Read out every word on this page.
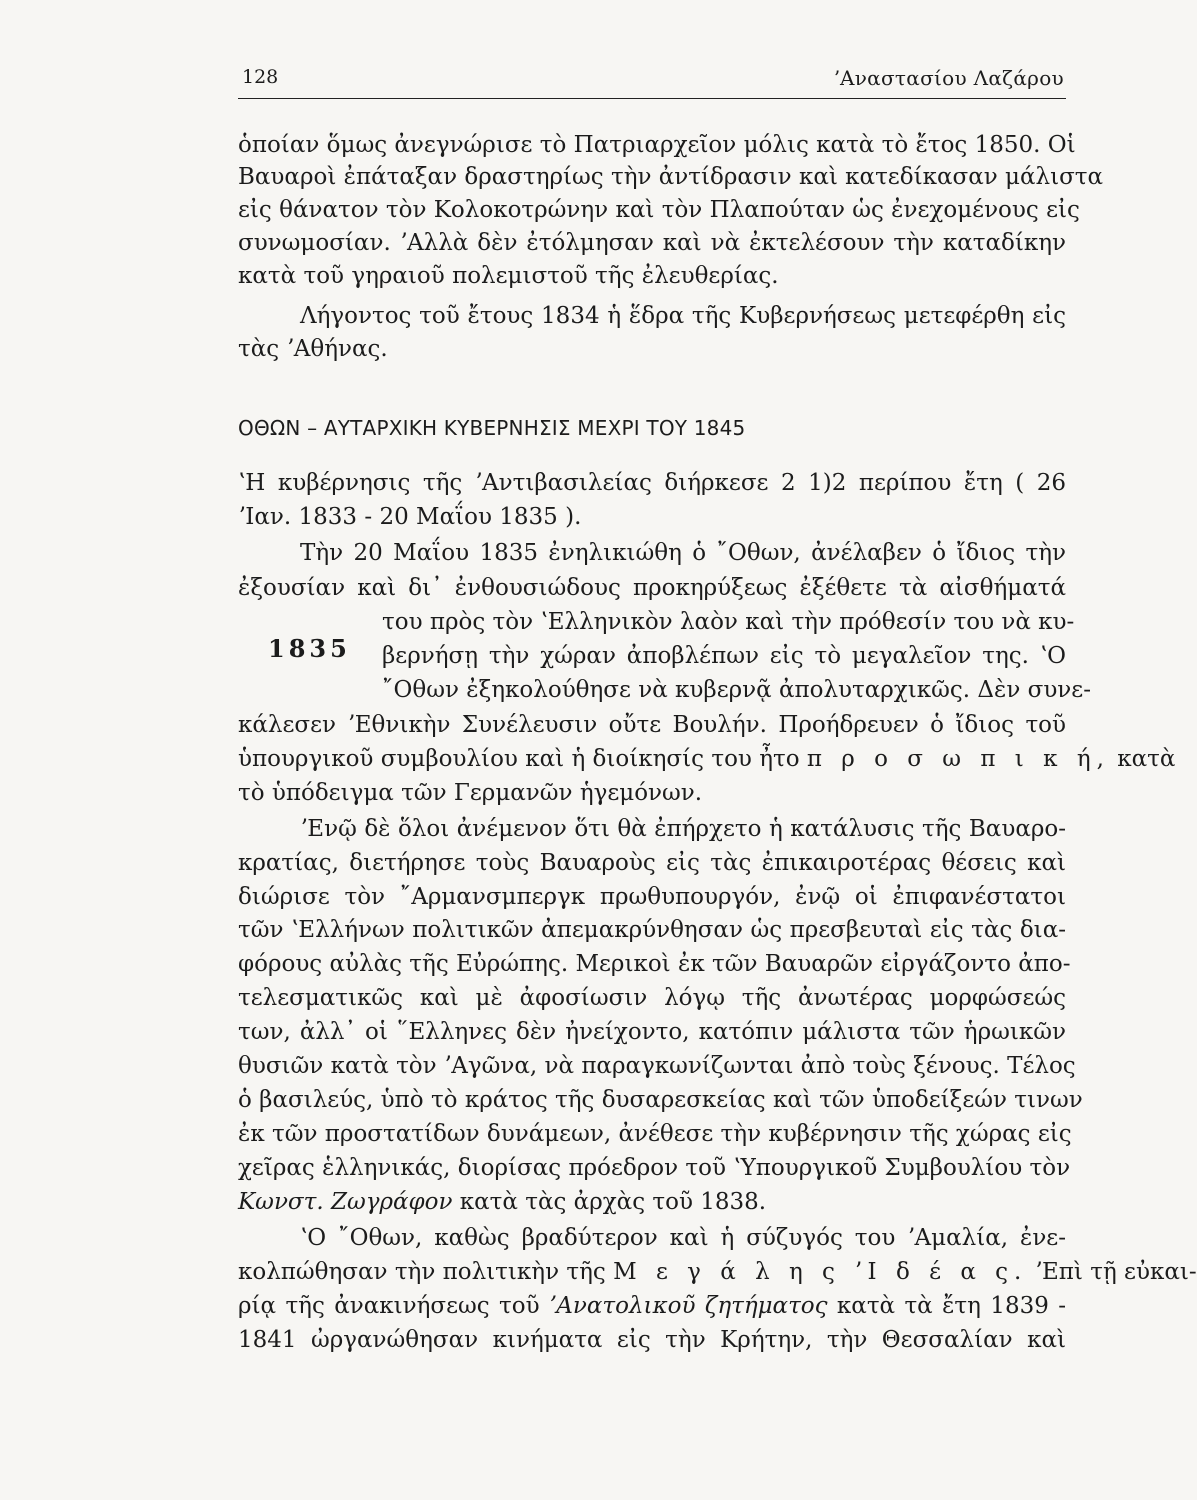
128	ʼΑναστασίου Λαζάρου
ὁποίαν ὅμως ἀνεγνώρισε τὸ Πατριαρχεῖον μόλις κατὰ τὸ ἔτος 1850. Οἱ
Βαυαροὶ ἐπάταξαν δραστηρίως τὴν ἀντίδρασιν καὶ κατεδίκασαν μάλιστα
εἰς θάνατον τὸν Κολοκοτρώνην καὶ τὸν Πλαπούταν ὡς ἐνεχομένους εἰς
συνωμοσίαν. ʼΑλλὰ δὲν ἐτόλμησαν καὶ νὰ ἐκτελέσουν τὴν καταδίκην
κατὰ τοῦ γηραιοῦ πολεμιστοῦ τῆς ἐλευθερίας.
Λήγοντος τοῦ ἔτους 1834 ἡ ἕδρα τῆς Κυβερνήσεως μετεφέρθη εἰς
τὰς ʼΑθήνας.
ΟΘΩΝ – ΑΥΤΑΡΧΙΚΗ ΚΥΒΕΡΝΗΣΙΣ ΜΕΧΡΙ ΤΟΥ 1845
ʽΗ κυβέρνησις τῆς ʼΑντιβασιλείας διήρκεσε 2 1)2 περίπου ἔτη ( 26
ʼΙαν. 1833 - 20 Μαΐου 1835 ).
Τὴν 20 Μαΐου 1835 ἐνηλικιώθη ὁ ῎Οθων, ἀνέλαβεν ὁ ἴδιος τὴν
ἐξουσίαν καὶ δι᾽ ἐνθουσιώδους προκηρύξεως ἐξέθετε τὰ αἰσθήματά
του πρὸς τὸν ʽΕλληνικὸν λαὸν καὶ τὴν πρόθεσίν του νὰ κυ-
1835	βερνήσῃ τὴν χώραν ἀποβλέπων εἰς τὸ μεγαλεῖον της. ʽΟ
῎Οθων ἐξηκολούθησε νὰ κυβερνᾷ ἀπολυταρχικῶς. Δὲν συνε-
κάλεσεν ʼΕθνικὴν Συνέλευσιν οὔτε Βουλήν. Προήδρευεν ὁ ἴδιος τοῦ
ὑπουργικοῦ συμβουλίου καὶ ἡ διοίκησίς του ἦτο π ρ ο σ ω π ι κ ή, κατὰ
τὸ ὑπόδειγμα τῶν Γερμανῶν ἡγεμόνων.
ʼΕνῷ δὲ ὅλοι ἀνέμενον ὅτι θὰ ἐπήρχετο ἡ κατάλυσις τῆς Βαυαρο-
κρατίας, διετήρησε τοὺς Βαυαροὺς εἰς τὰς ἐπικαιροτέρας θέσεις καὶ
διώρισε τὸν ῎Αρμανσμπεργκ πρωθυπουργόν, ἐνῷ οἱ ἐπιφανέστατοι
τῶν ʽΕλλήνων πολιτικῶν ἀπεμακρύνθησαν ὡς πρεσβευταὶ εἰς τὰς δια-
φόρους αὐλὰς τῆς Εὐρώπης. Μερικοὶ ἐκ τῶν Βαυαρῶν εἰργάζοντο ἀπο-
τελεσματικῶς καὶ μὲ ἀφοσίωσιν λόγῳ τῆς ἀνωτέρας μορφώσεώς
των, ἀλλ᾽ οἱ ῞Ελληνες δὲν ἠνείχοντο, κατόπιν μάλιστα τῶν ἡρωικῶν
θυσιῶν κατὰ τὸν ʼΑγῶνα, νὰ παραγκωνίζωνται ἀπὸ τοὺς ξένους. Τέλος
ὁ βασιλεύς, ὑπὸ τὸ κράτος τῆς δυσαρεσκείας καὶ τῶν ὑποδείξεών τινων
ἐκ τῶν προστατίδων δυνάμεων, ἀνέθεσε τὴν κυβέρνησιν τῆς χώρας εἰς
χεῖρας ἑλληνικάς, διορίσας πρόεδρον τοῦ ʽΥπουργικοῦ Συμβουλίου τὸν
Κωνστ. Ζωγράφον κατὰ τὰς ἀρχὰς τοῦ 1838.
ʽΟ ῎Οθων, καθὼς βραδύτερον καὶ ἡ σύζυγός του ʼΑμαλία, ἐνε-
κολπώθησαν τὴν πολιτικὴν τῆς Μ ε γ ά λ η ς ʼΙ δ έ α ς. ʼΕπὶ τῇ εὐκαι-
ρίᾳ τῆς ἀνακινήσεως τοῦ ʼΑνατολικοῦ ζητήματος κατὰ τὰ ἔτη 1839 -
1841 ὠργανώθησαν κινήματα εἰς τὴν Κρήτην, τὴν Θεσσαλίαν καὶ
